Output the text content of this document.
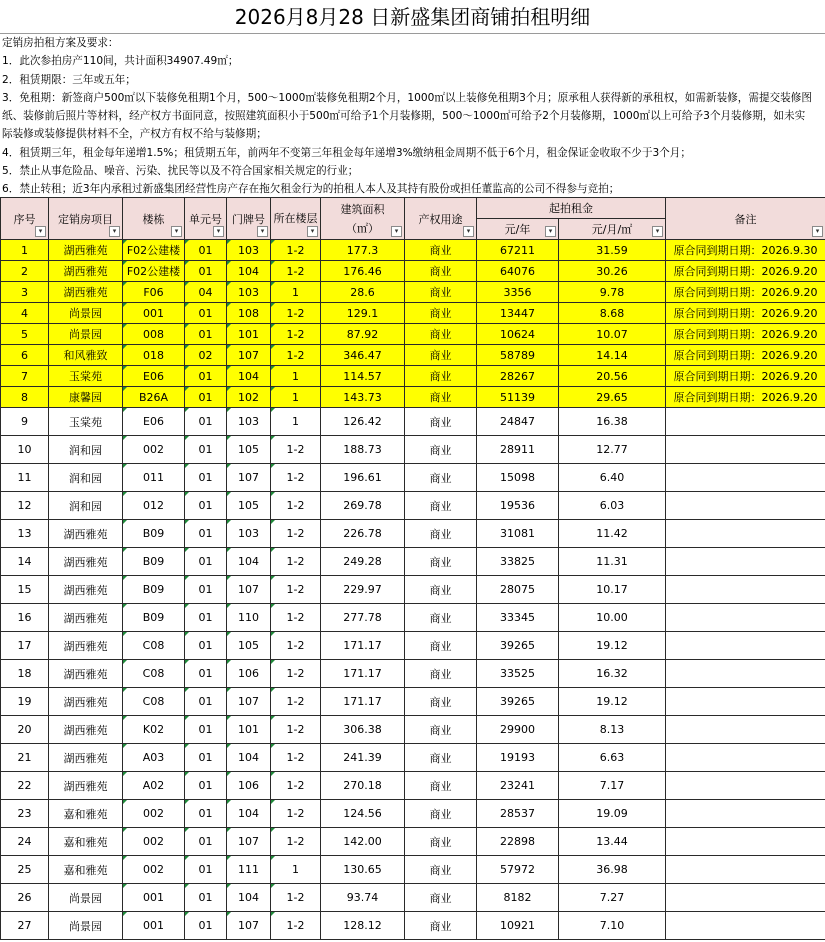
2026月8月28 日新盛集团商铺拍租明细
定销房拍租方案及要求：
1．此次参拍房产110间，共计面积34907.49㎡；
2．租赁期限：三年或五年；
3．免租期：新签商户500㎡以下装修免租期1个月，500～1000㎡装修免租期2个月，1000㎡以上装修免租期3个月；原承租人获得新的承租权，如需新装修，需提交装修图
纸、装修前后照片等材料，经产权方书面同意，按照建筑面积小于500㎡可给予1个月装修期，500～1000㎡可给予2个月装修期，1000㎡以上可给予3个月装修期，如未实
际装修或装修提供材料不全，产权方有权不给与装修期；
4．租赁期三年，租金每年递增1.5%；租赁期五年，前两年不变第三年租金每年递增3%缴纳租金周期不低于6个月，租金保证金收取不少于3个月；
5．禁止从事危险品、噪音、污染、扰民等以及不符合国家相关规定的行业；
6．禁止转租；近3年内承租过新盛集团经营性房产存在拖欠租金行为的拍租人本人及其持有股份或担任董监高的公司不得参与竞拍；
序号
▾	定销房项目
▾	楼栋
▾	单元号
▾	门牌号
▾	所在楼层
▾	建筑面积（㎡） ▾	产权用途
▾	起拍租金		备注
▾

								元/年 ▾	元/月/㎡ ▾	

1	湖西雅苑	F02公建楼	01	103	1-2	177.3	商业	67211	31.59	原合同到期日期：2026.9.30
2	湖西雅苑	F02公建楼	01	104	1-2	176.46	商业	64076	30.26	原合同到期日期：2026.9.20
3	湖西雅苑	F06	04	103	1	28.6	商业	3356	9.78	原合同到期日期：2026.9.20
4	尚景园	001	01	108	1-2	129.1	商业	13447	8.68	原合同到期日期：2026.9.20
5	尚景园	008	01	101	1-2	87.92	商业	10624	10.07	原合同到期日期：2026.9.20
6	和风雅致	018	02	107	1-2	346.47	商业	58789	14.14	原合同到期日期：2026.9.20
7	玉棠苑	E06	01	104	1	114.57	商业	28267	20.56	原合同到期日期：2026.9.20
8	康馨园	B26A	01	102	1	143.73	商业	51139	29.65	原合同到期日期：2026.9.20
9	玉棠苑	E06	01	103	1	126.42	商业	24847	16.38	
10	润和园	002	01	105	1-2	188.73	商业	28911	12.77	
11	润和园	011	01	107	1-2	196.61	商业	15098	6.40	
12	润和园	012	01	105	1-2	269.78	商业	19536	6.03	
13	湖西雅苑	B09	01	103	1-2	226.78	商业	31081	11.42	
14	湖西雅苑	B09	01	104	1-2	249.28	商业	33825	11.31	
15	湖西雅苑	B09	01	107	1-2	229.97	商业	28075	10.17	
16	湖西雅苑	B09	01	110	1-2	277.78	商业	33345	10.00	
17	湖西雅苑	C08	01	105	1-2	171.17	商业	39265	19.12	
18	湖西雅苑	C08	01	106	1-2	171.17	商业	33525	16.32	
19	湖西雅苑	C08	01	107	1-2	171.17	商业	39265	19.12	
20	湖西雅苑	K02	01	101	1-2	306.38	商业	29900	8.13	
21	湖西雅苑	A03	01	104	1-2	241.39	商业	19193	6.63	
22	湖西雅苑	A02	01	106	1-2	270.18	商业	23241	7.17	
23	嘉和雅苑	002	01	104	1-2	124.56	商业	28537	19.09	
24	嘉和雅苑	002	01	107	1-2	142.00	商业	22898	13.44	
25	嘉和雅苑	002	01	111	1	130.65	商业	57972	36.98	
26	尚景园	001	01	104	1-2	93.74	商业	8182	7.27	
27	尚景园	001	01	107	1-2	128.12	商业	10921	7.10	
